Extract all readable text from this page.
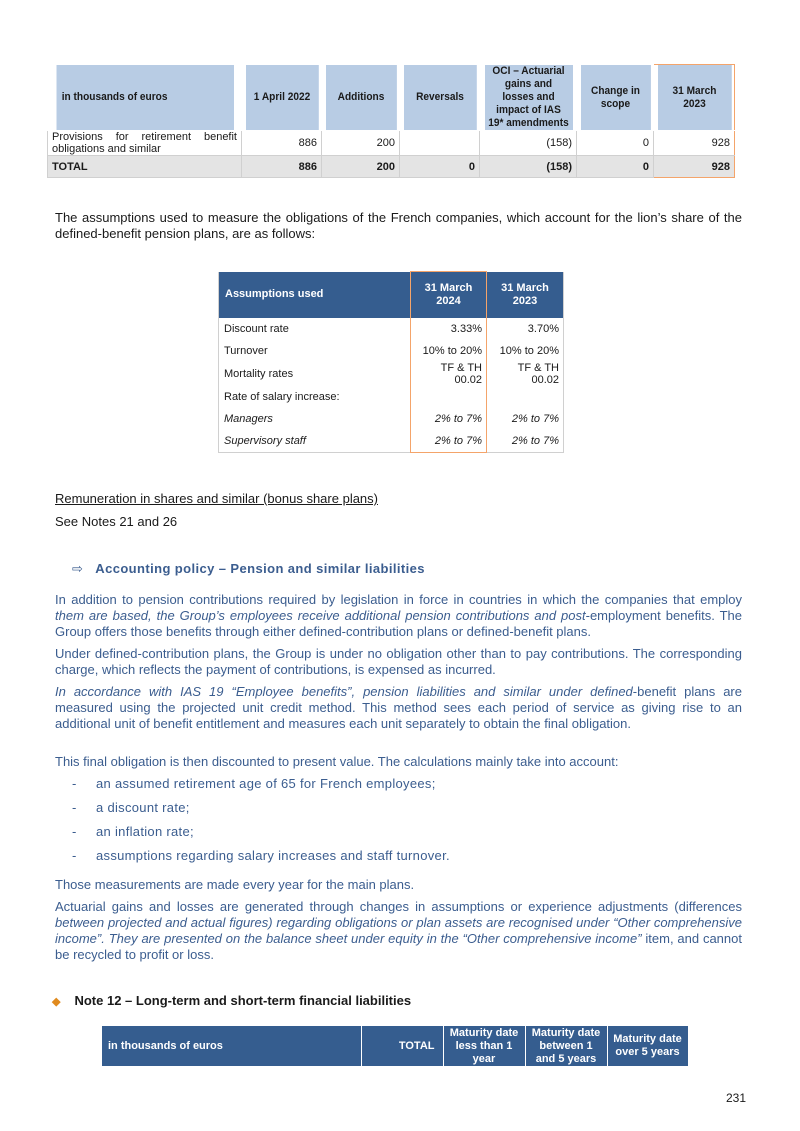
in thousands of euros	1 April 2022	Additions	Reversals	OCI – Actuarial gains and losses and impact of IAS 19* amendments	Change in scope	31 March 2023
Provisions for retirement benefit obligations and similar	886	200		(158)	0	928
TOTAL	886	200	0	(158)	0	928

The assumptions used to measure the obligations of the French companies, which account for the lion’s share of the defined-benefit pension plans, are as follows:

Assumptions used	31 March 2024	31 March 2023
Discount rate	3.33%	3.70%
Turnover	10% to 20%	10% to 20%
Mortality rates	TF & TH 00.02	TF & TH 00.02
Rate of salary increase:		
Managers	2% to 7%	2% to 7%
Supervisory staff	2% to 7%	2% to 7%

Remuneration in shares and similar (bonus share plans)

See Notes 21 and 26

⇨ Accounting policy – Pension and similar liabilities

In addition to pension contributions required by legislation in force in countries in which the companies that employ them are based, the Group’s employees receive additional pension contributions and post-employment benefits. The Group offers those benefits through either defined-contribution plans or defined-benefit plans.

Under defined-contribution plans, the Group is under no obligation other than to pay contributions. The corresponding charge, which reflects the payment of contributions, is expensed as incurred.

In accordance with IAS 19 “Employee benefits”, pension liabilities and similar under defined-benefit plans are measured using the projected unit credit method. This method sees each period of service as giving rise to an additional unit of benefit entitlement and measures each unit separately to obtain the final obligation.

This final obligation is then discounted to present value. The calculations mainly take into account:

- an assumed retirement age of 65 for French employees;
- a discount rate;
- an inflation rate;
- assumptions regarding salary increases and staff turnover.

Those measurements are made every year for the main plans.

Actuarial gains and losses are generated through changes in assumptions or experience adjustments (differences between projected and actual figures) regarding obligations or plan assets are recognised under “Other comprehensive income”. They are presented on the balance sheet under equity in the “Other comprehensive income” item, and cannot be recycled to profit or loss.

◆ Note 12 – Long-term and short-term financial liabilities
in thousands of euros	TOTAL	Maturity date less than 1 year	Maturity date between 1 and 5 years	Maturity date over 5 years
231
